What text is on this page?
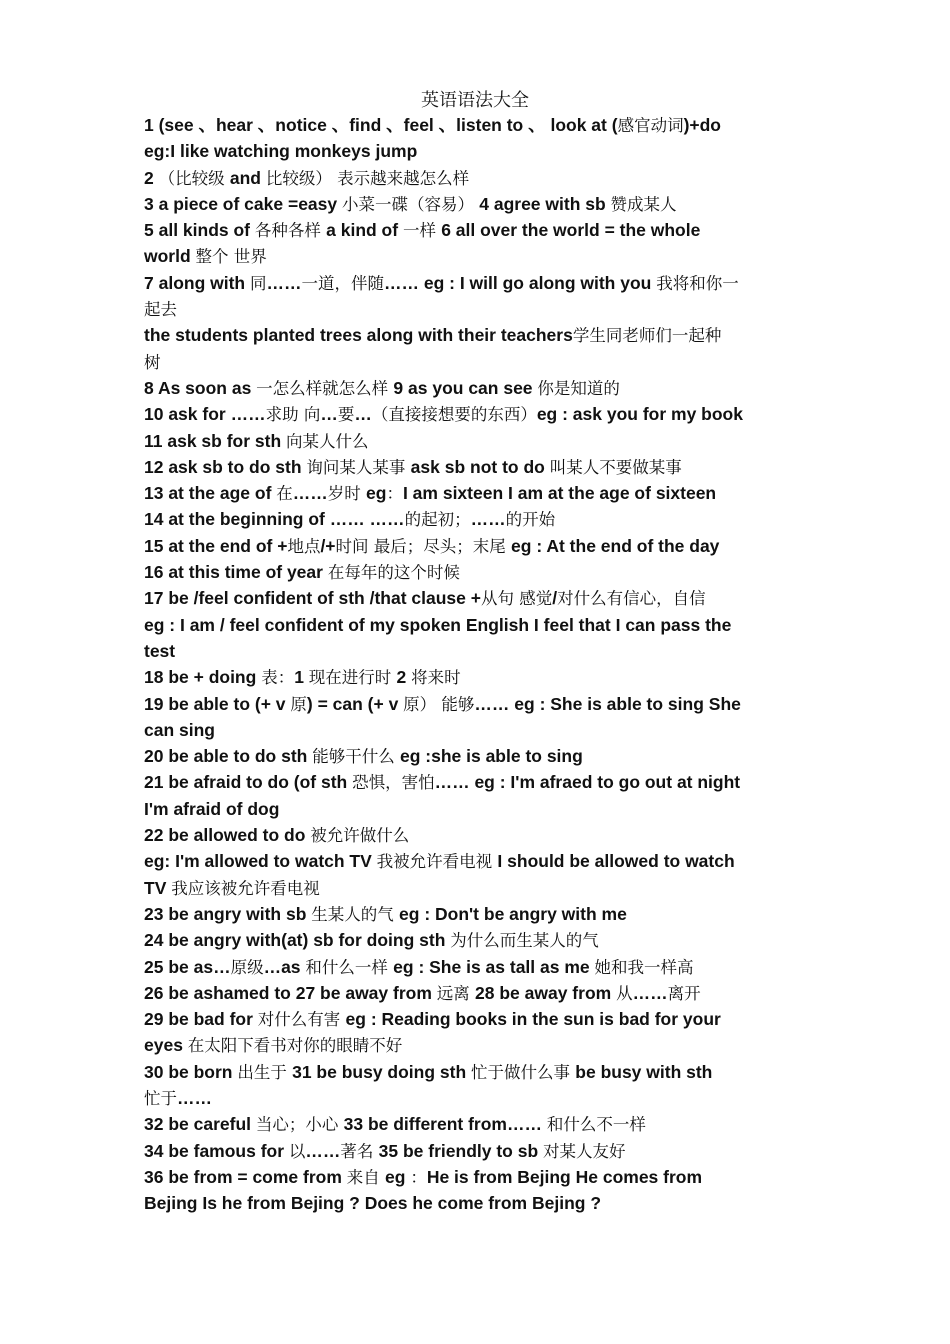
英语语法大全
1 (see 、hear 、notice 、find 、feel 、listen to 、 look at (感官动词)+do
eg:I like watching monkeys jump
2 （比较级 and 比较级） 表示越来越怎么样
3 a piece of cake =easy 小菜一碟（容易） 4 agree with sb 赞成某人
5 all kinds of 各种各样 a kind of 一样 6 all over the world = the whole
world 整个 世界
7 along with 同……一道，伴随…… eg : I will go along with you 我将和你一
起去
the students planted trees along with their teachers学生同老师们一起种
树
8 As soon as 一怎么样就怎么样 9 as you can see 你是知道的
10 ask for ……求助 向…要…（直接接想要的东西）eg : ask you for my book
11 ask sb for sth 向某人什么
12 ask sb to do sth 询问某人某事 ask sb not to do 叫某人不要做某事
13 at the age of 在……岁时 eg：I am sixteen I am at the age of sixteen
14 at the beginning of …… ……的起初；……的开始
15 at the end of +地点/+时间 最后；尽头；末尾 eg : At the end of the day
16 at this time of year 在每年的这个时候
17 be /feel confident of sth /that clause +从句 感觉/对什么有信心，自信
eg : I am / feel confident of my spoken English I feel that I can pass the
test
18 be + doing 表：1 现在进行时 2 将来时
19 be able to (+ v 原) = can (+ v 原） 能够…… eg : She is able to sing She
can sing
20 be able to do sth 能够干什么 eg :she is able to sing
21 be afraid to do (of sth 恐惧，害怕…… eg : I'm afraed to go out at night
I'm afraid of dog
22 be allowed to do 被允许做什么
eg: I'm allowed to watch TV 我被允许看电视 I should be allowed to watch
TV 我应该被允许看电视
23 be angry with sb 生某人的气 eg : Don't be angry with me
24 be angry with(at) sb for doing sth 为什么而生某人的气
25 be as…原级…as 和什么一样 eg : She is as tall as me 她和我一样高
26 be ashamed to 27 be away from 远离 28 be away from 从……离开
29 be bad for 对什么有害 eg : Reading books in the sun is bad for your
eyes 在太阳下看书对你的眼睛不好
30 be born 出生于 31 be busy doing sth 忙于做什么事 be busy with sth
忙于……
32 be careful 当心；小心 33 be different from…… 和什么不一样
34 be famous for 以……著名 35 be friendly to sb 对某人友好
36 be from = come from 来自 eg ：He is from Bejing He comes from
Bejing Is he from Bejing ? Does he come from Bejing ?
